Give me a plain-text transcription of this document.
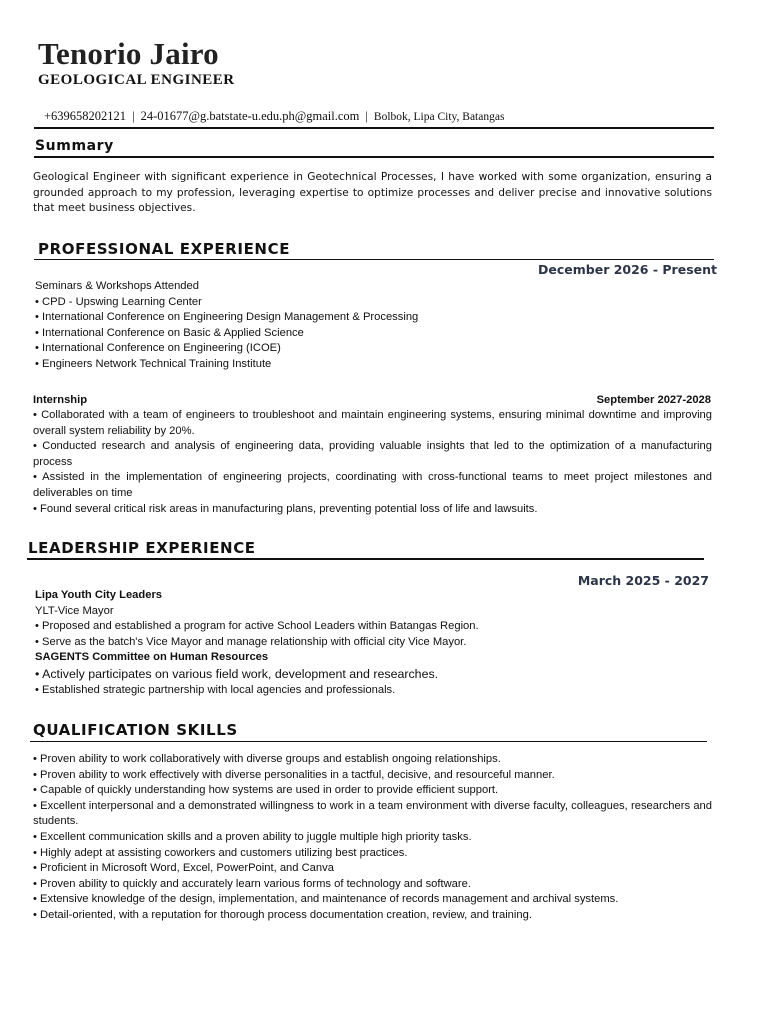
Tenorio Jairo
GEOLOGICAL ENGINEER
+639658202121 | 24-01677@g.batstate-u.edu.ph@gmail.com | Bolbok, Lipa City, Batangas
Summary
Geological Engineer with significant experience in Geotechnical Processes, I have worked with some organization, ensuring a grounded approach to my profession, leveraging expertise to optimize processes and deliver precise and innovative solutions that meet business objectives.
PROFESSIONAL EXPERIENCE
December 2026 - Present
Seminars & Workshops Attended
• CPD - Upswing Learning Center
• International Conference on Engineering Design Management & Processing
• International Conference on Basic & Applied Science
• International Conference on Engineering (ICOE)
• Engineers Network Technical Training Institute
Internship	September 2027-2028
• Collaborated with a team of engineers to troubleshoot and maintain engineering systems, ensuring minimal downtime and improving overall system reliability by 20%.
• Conducted research and analysis of engineering data, providing valuable insights that led to the optimization of a manufacturing process
• Assisted in the implementation of engineering projects, coordinating with cross-functional teams to meet project milestones and deliverables on time
• Found several critical risk areas in manufacturing plans, preventing potential loss of life and lawsuits.
LEADERSHIP EXPERIENCE
March 2025 - 2027
Lipa Youth City Leaders
YLT-Vice Mayor
• Proposed and established a program for active School Leaders within Batangas Region.
• Serve as the batch's Vice Mayor and manage relationship with official city Vice Mayor.
SAGENTS Committee on Human Resources
• Actively participates on various field work, development and researches.
• Established strategic partnership with local agencies and professionals.
QUALIFICATION SKILLS
• Proven ability to work collaboratively with diverse groups and establish ongoing relationships.
• Proven ability to work effectively with diverse personalities in a tactful, decisive, and resourceful manner.
• Capable of quickly understanding how systems are used in order to provide efficient support.
• Excellent interpersonal and a demonstrated willingness to work in a team environment with diverse faculty, colleagues, researchers and students.
• Excellent communication skills and a proven ability to juggle multiple high priority tasks.
• Highly adept at assisting coworkers and customers utilizing best practices.
• Proficient in Microsoft Word, Excel, PowerPoint, and Canva
• Proven ability to quickly and accurately learn various forms of technology and software.
• Extensive knowledge of the design, implementation, and maintenance of records management and archival systems.
• Detail-oriented, with a reputation for thorough process documentation creation, review, and training.
